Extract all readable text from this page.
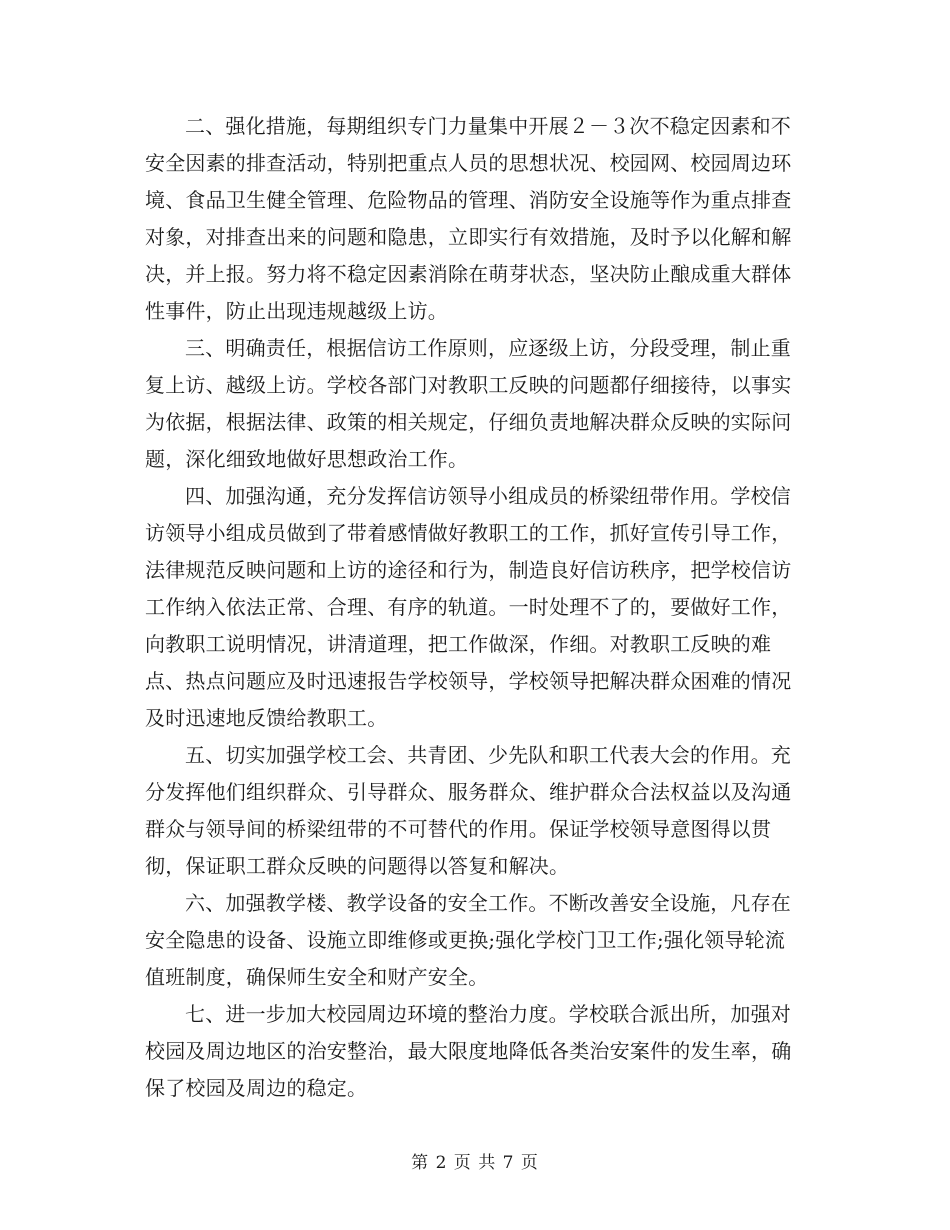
二、强化措施，每期组织专门力量集中开展２－３次不稳定因素和不安全因素的排查活动，特别把重点人员的思想状况、校园网、校园周边环境、食品卫生健全管理、危险物品的管理、消防安全设施等作为重点排查对象，对排查出来的问题和隐患，立即实行有效措施，及时予以化解和解决，并上报。努力将不稳定因素消除在萌芽状态，坚决防止酿成重大群体性事件，防止出现违规越级上访。

三、明确责任，根据信访工作原则，应逐级上访，分段受理，制止重复上访、越级上访。学校各部门对教职工反映的问题都仔细接待，以事实为依据，根据法律、政策的相关规定，仔细负责地解决群众反映的实际问题，深化细致地做好思想政治工作。

四、加强沟通，充分发挥信访领导小组成员的桥梁纽带作用。学校信访领导小组成员做到了带着感情做好教职工的工作，抓好宣传引导工作，法律规范反映问题和上访的途径和行为，制造良好信访秩序，把学校信访工作纳入依法正常、合理、有序的轨道。一时处理不了的，要做好工作，向教职工说明情况，讲清道理，把工作做深，作细。对教职工反映的难点、热点问题应及时迅速报告学校领导，学校领导把解决群众困难的情况及时迅速地反馈给教职工。

五、切实加强学校工会、共青团、少先队和职工代表大会的作用。充分发挥他们组织群众、引导群众、服务群众、维护群众合法权益以及沟通群众与领导间的桥梁纽带的不可替代的作用。保证学校领导意图得以贯彻，保证职工群众反映的问题得以答复和解决。

六、加强教学楼、教学设备的安全工作。不断改善安全设施，凡存在安全隐患的设备、设施立即维修或更换;强化学校门卫工作;强化领导轮流值班制度，确保师生安全和财产安全。

七、进一步加大校园周边环境的整治力度。学校联合派出所，加强对校园及周边地区的治安整治，最大限度地降低各类治安案件的发生率，确保了校园及周边的稳定。

第 2 页 共 7 页
